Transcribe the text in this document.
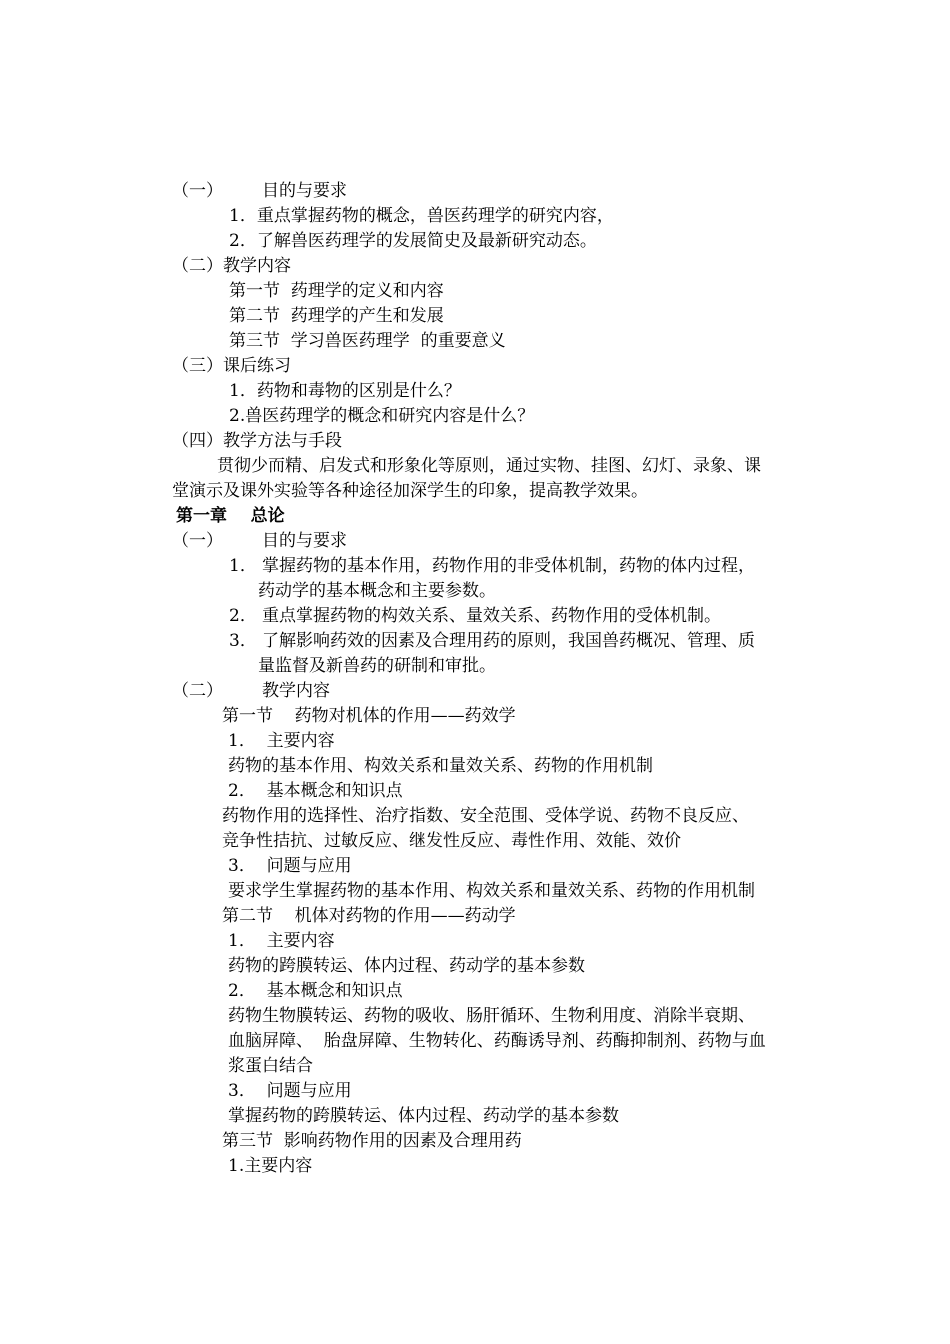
（一） 目的与要求
1．重点掌握药物的概念，兽医药理学的研究内容，
2．了解兽医药理学的发展简史及最新研究动态。
（二）教学内容
第一节  药理学的定义和内容
第二节  药理学的产生和发展
第三节  学习兽医药理学  的重要意义
（三）课后练习
1．药物和毒物的区别是什么？
2.兽医药理学的概念和研究内容是什么？
（四）教学方法与手段
贯彻少而精、启发式和形象化等原则，通过实物、挂图、幻灯、录象、课
堂演示及课外实验等各种途径加深学生的印象，提高教学效果。
第一章    总论
（一） 目的与要求
1． 掌握药物的基本作用，药物作用的非受体机制，药物的体内过程，
药动学的基本概念和主要参数。
2． 重点掌握药物的构效关系、量效关系、药物作用的受体机制。
3． 了解影响药效的因素及合理用药的原则，我国兽药概况、管理、质
量监督及新兽药的研制和审批。
（二） 教学内容
第一节    药物对机体的作用——药效学
1．  主要内容
药物的基本作用、构效关系和量效关系、药物的作用机制
2．  基本概念和知识点
药物作用的选择性、治疗指数、安全范围、受体学说、药物不良反应、
竞争性拮抗、过敏反应、继发性反应、毒性作用、效能、效价
3．  问题与应用
要求学生掌握药物的基本作用、构效关系和量效关系、药物的作用机制
第二节    机体对药物的作用——药动学
1．  主要内容
药物的跨膜转运、体内过程、药动学的基本参数
2．  基本概念和知识点
药物生物膜转运、药物的吸收、肠肝循环、生物利用度、消除半衰期、
血脑屏障、  胎盘屏障、生物转化、药酶诱导剂、药酶抑制剂、药物与血
浆蛋白结合
3．  问题与应用
掌握药物的跨膜转运、体内过程、药动学的基本参数
第三节  影响药物作用的因素及合理用药
1.主要内容
